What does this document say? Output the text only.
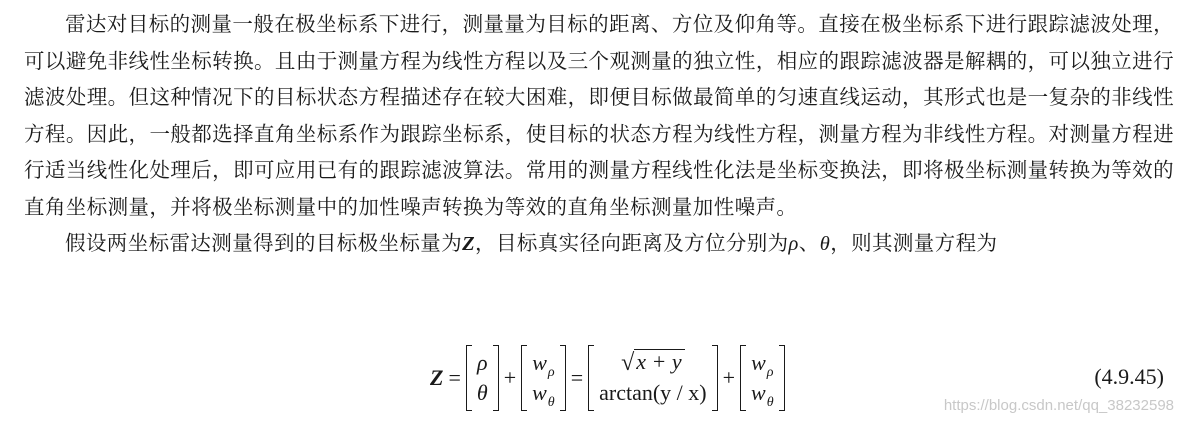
雷达对目标的测量一般在极坐标系下进行，测量量为目标的距离、方位及仰角等。直接在极坐标系下进行跟踪滤波处理，可以避免非线性坐标转换。且由于测量方程为线性方程以及三个观测量的独立性，相应的跟踪滤波器是解耦的，可以独立进行滤波处理。但这种情况下的目标状态方程描述存在较大困难，即便目标做最简单的匀速直线运动，其形式也是一复杂的非线性方程。因此，一般都选择直角坐标系作为跟踪坐标系，使目标的状态方程为线性方程，测量方程为非线性方程。对测量方程进行适当线性化处理后，即可应用已有的跟踪滤波算法。常用的测量方程线性化法是坐标变换法，即将极坐标测量转换为等效的直角坐标测量，并将极坐标测量中的加性噪声转换为等效的直角坐标测量加性噪声。

假设两坐标雷达测量得到的目标极坐标量为Z，目标真实径向距离及方位分别为ρ、θ，则其测量方程为

Z =
ρ
θ
+
$w_\rho$
$w_\theta$
=
√ x + y
arctan(y / x)
+
$w_\rho$
$w_\theta$
(4.9.45)
https://blog.csdn.net/qq_38232598
